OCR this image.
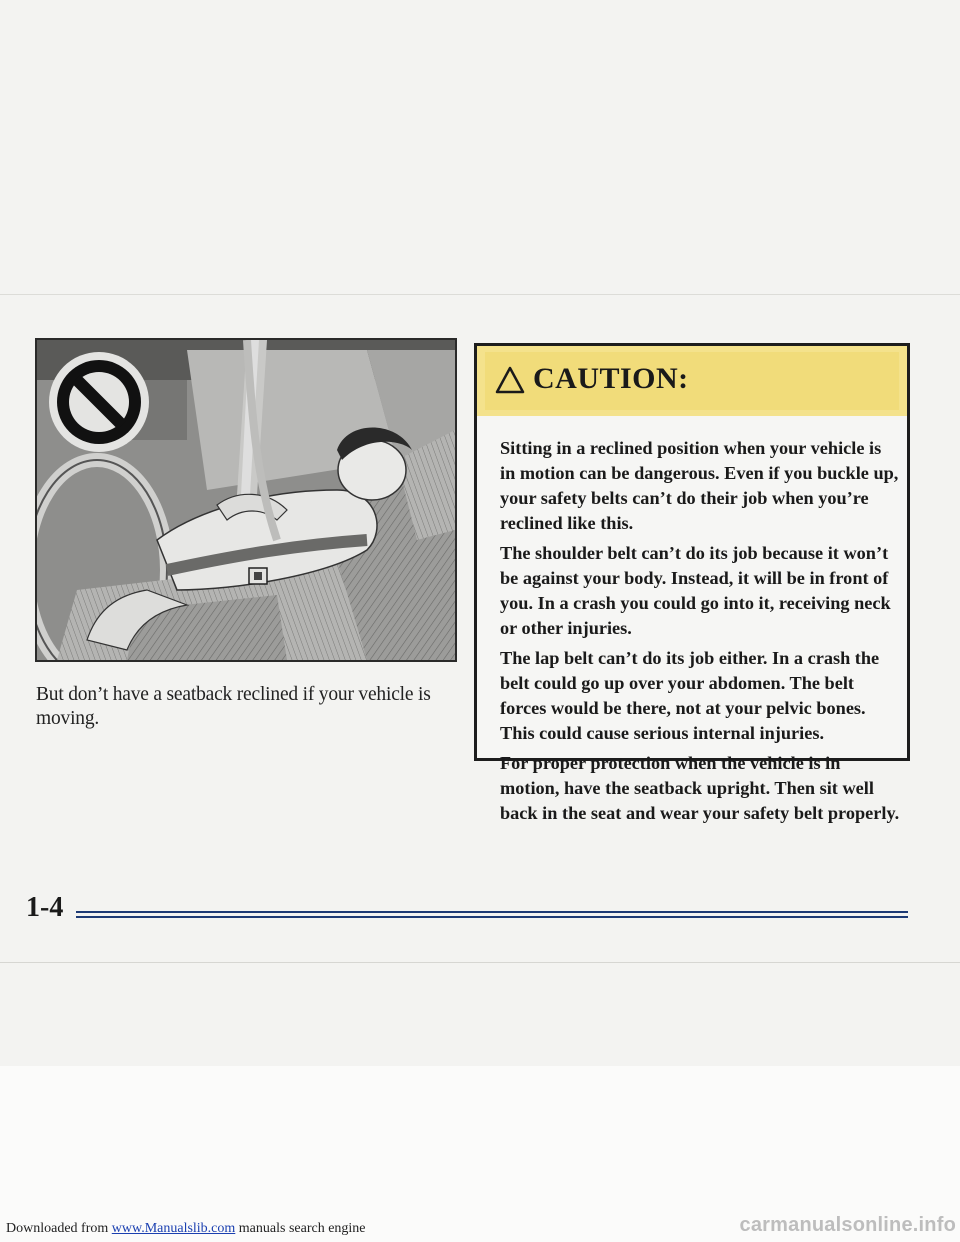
But don’t have a seatback reclined if your vehicle is moving.
CAUTION:

Sitting in a reclined position when your vehicle is in motion can be dangerous. Even if you buckle up, your safety belts can’t do their job when you’re reclined like this.

The shoulder belt can’t do its job because it won’t be against your body. Instead, it will be in front of you. In a crash you could go into it, receiving neck or other injuries.

The lap belt can’t do its job either. In a crash the belt could go up over your abdomen. The belt forces would be there, not at your pelvic bones. This could cause serious internal injuries.

For proper protection when the vehicle is in motion, have the seatback upright. Then sit well back in the seat and wear your safety belt properly.

1-4
Downloaded from www.Manualslib.com manuals search engine	carmanualsonline.info
